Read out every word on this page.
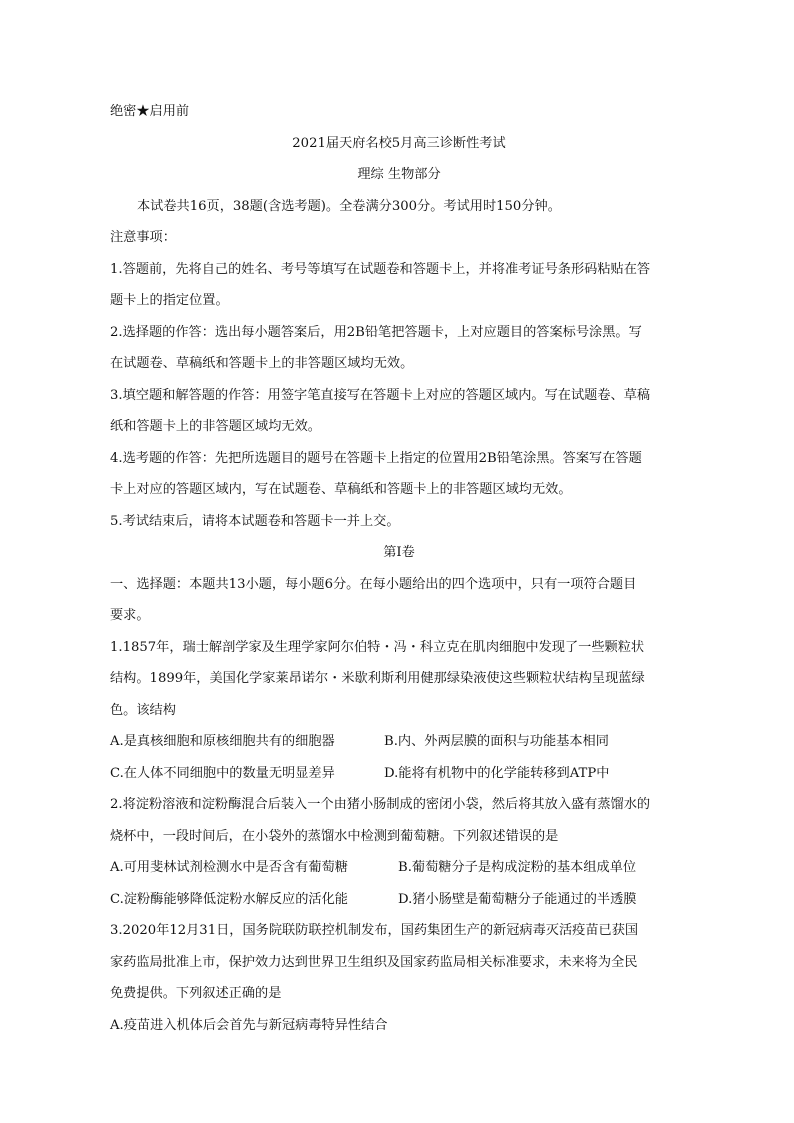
绝密★启用前
2021届天府名校5月高三诊断性考试
理综 生物部分
本试卷共16页，38题(含选考题)。全卷满分300分。考试用时150分钟。
注意事项：
1.答题前，先将自己的姓名、考号等填写在试题卷和答题卡上，并将准考证号条形码粘贴在答
题卡上的指定位置。
2.选择题的作答：选出每小题答案后，用2B铅笔把答题卡，上对应题目的答案标号涂黑。写
在试题卷、草稿纸和答题卡上的非答题区域均无效。
3.填空题和解答题的作答：用签字笔直接写在答题卡上对应的答题区域内。写在试题卷、草稿
纸和答题卡上的非答题区域均无效。
4.选考题的作答：先把所选题目的题号在答题卡上指定的位置用2B铅笔涂黑。答案写在答题
卡上对应的答题区域内，写在试题卷、草稿纸和答题卡上的非答题区域均无效。
5.考试结束后，请将本试题卷和答题卡一并上交。
第Ⅰ卷
一、选择题：本题共13小题，每小题6分。在每小题给出的四个选项中，只有一项符合题目
要求。
1.1857年，瑞士解剖学家及生理学家阿尔伯特・冯・科立克在肌肉细胞中发现了一些颗粒状
结构。1899年，美国化学家莱昂诺尔・米歇利斯利用健那绿染液使这些颗粒状结构呈现蓝绿
色。该结构
A.是真核细胞和原核细胞共有的细胞器	B.内、外两层膜的面积与功能基本相同
C.在人体不同细胞中的数量无明显差异	D.能将有机物中的化学能转移到ATP中
2.将淀粉溶液和淀粉酶混合后装入一个由猪小肠制成的密闭小袋，然后将其放入盛有蒸馏水的
烧杯中，一段时间后，在小袋外的蒸馏水中检测到葡萄糖。下列叙述错误的是
A.可用斐林试剂检测水中是否含有葡萄糖	B.葡萄糖分子是构成淀粉的基本组成单位
C.淀粉酶能够降低淀粉水解反应的活化能	D.猪小肠壁是葡萄糖分子能通过的半透膜
3.2020年12月31日，国务院联防联控机制发布，国药集团生产的新冠病毒灭活疫苗已获国
家药监局批准上市，保护效力达到世界卫生组织及国家药监局相关标准要求，未来将为全民
免费提供。下列叙述正确的是
A.疫苗进入机体后会首先与新冠病毒特异性结合
